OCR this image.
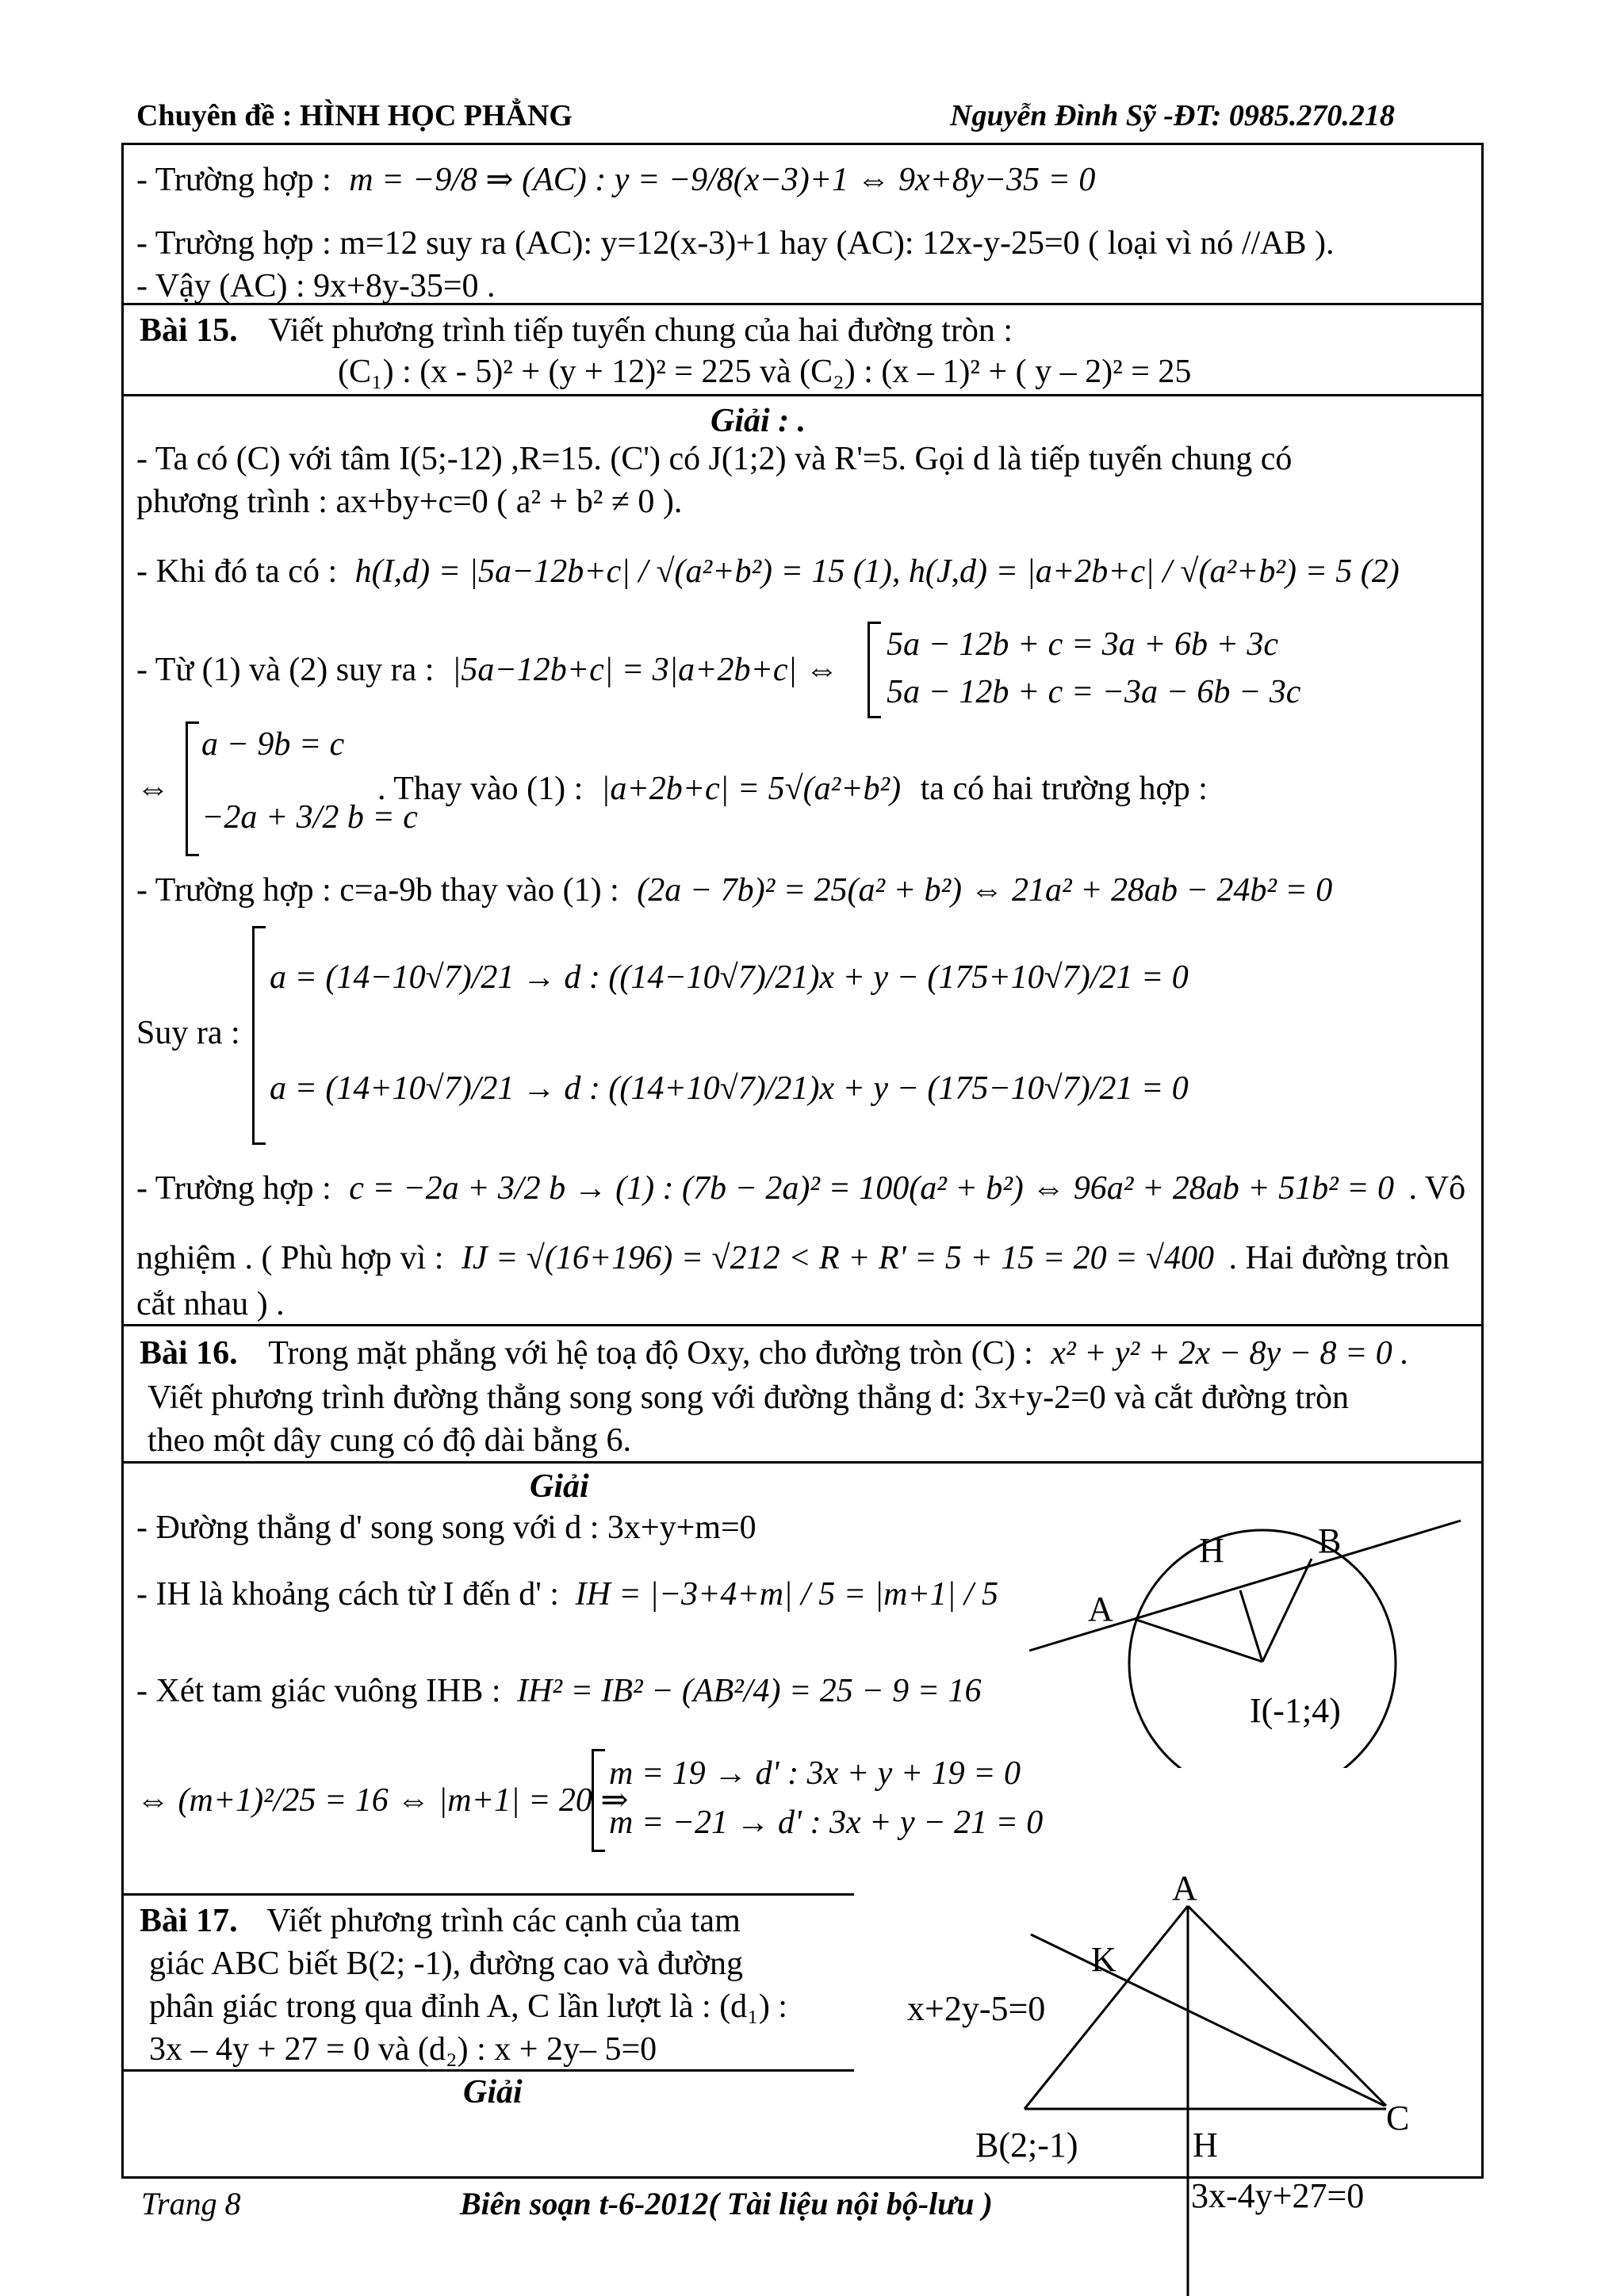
Chuyên đề : HÌNH HỌC PHẲNG	Nguyễn Đình Sỹ -ĐT: 0985.270.218
- Trường hợp : m = −9/8 ⇒ (AC) : y = −9/8(x−3)+1 ⇔ 9x+8y−35 = 0
- Trường hợp : m=12 suy ra (AC): y=12(x-3)+1 hay (AC): 12x-y-25=0 ( loại vì nó //AB ).
- Vậy (AC) : 9x+8y-35=0 .
Bài 15. Viết phương trình tiếp tuyến chung của hai đường tròn :
(C₁) : (x - 5)² + (y + 12)² = 225 và (C₂) : (x – 1)² + ( y – 2)² = 25
Giải : .
- Ta có (C) với tâm I(5;-12) ,R=15. (C') có J(1;2) và R'=5. Gọi d là tiếp tuyến chung có
phương trình : ax+by+c=0 ( a² + b² ≠ 0 ).
- Khi đó ta có : h(I,d) = |5a−12b+c| / √(a²+b²) = 15 (1), h(J,d) = |a+2b+c| / √(a²+b²) = 5 (2)
- Từ (1) và (2) suy ra : |5a−12b+c| = 3|a+2b+c| ⇔
5a − 12b + c = 3a + 6b + 3c
5a − 12b + c = −3a − 6b − 3c
⇔
a − 9b = c
−2a + 3/2 b = c
. Thay vào (1) : |a+2b+c| = 5√(a²+b²) ta có hai trường hợp :
- Trường hợp : c=a-9b thay vào (1) : (2a − 7b)² = 25(a² + b²) ⇔ 21a² + 28ab − 24b² = 0
Suy ra :
a = (14−10√7)/21 → d : ((14−10√7)/21)x + y − (175+10√7)/21 = 0
a = (14+10√7)/21 → d : ((14+10√7)/21)x + y − (175−10√7)/21 = 0
- Trường hợp : c = −2a + 3/2 b → (1) : (7b − 2a)² = 100(a² + b²) ⇔ 96a² + 28ab + 51b² = 0 . Vô
nghiệm . ( Phù hợp vì : IJ = √(16+196) = √212 < R + R' = 5 + 15 = 20 = √400 . Hai đường tròn
cắt nhau ) .
Bài 16. Trong mặt phẳng với hệ toạ độ Oxy, cho đường tròn (C) : x² + y² + 2x − 8y − 8 = 0 .
Viết phương trình đường thẳng song song với đường thẳng d: 3x+y-2=0 và cắt đường tròn
theo một dây cung có độ dài bằng 6.
Giải
- Đường thẳng d' song song với d : 3x+y+m=0
- IH là khoảng cách từ I đến d' : IH = |−3+4+m| / 5 = |m+1| / 5
- Xét tam giác vuông IHB : IH² = IB² − (AB²/4) = 25 − 9 = 16
⇔ (m+1)²/25 = 16 ⇔ |m+1| = 20 ⇒
m = 19 → d' : 3x + y + 19 = 0
m = −21 → d' : 3x + y − 21 = 0
H	B
A
I(-1;4)
Bài 17. Viết phương trình các cạnh của tam
giác ABC biết B(2; -1), đường cao và đường
phân giác trong qua đỉnh A, C lần lượt là : (d₁) :
3x – 4y + 27 = 0 và (d₂) : x + 2y– 5=0
Giải
A
K
C
H
B(2;-1)
x+2y-5=0
3x-4y+27=0
Trang 8	Biên soạn t-6-2012( Tài liệu nội bộ-lưu )
